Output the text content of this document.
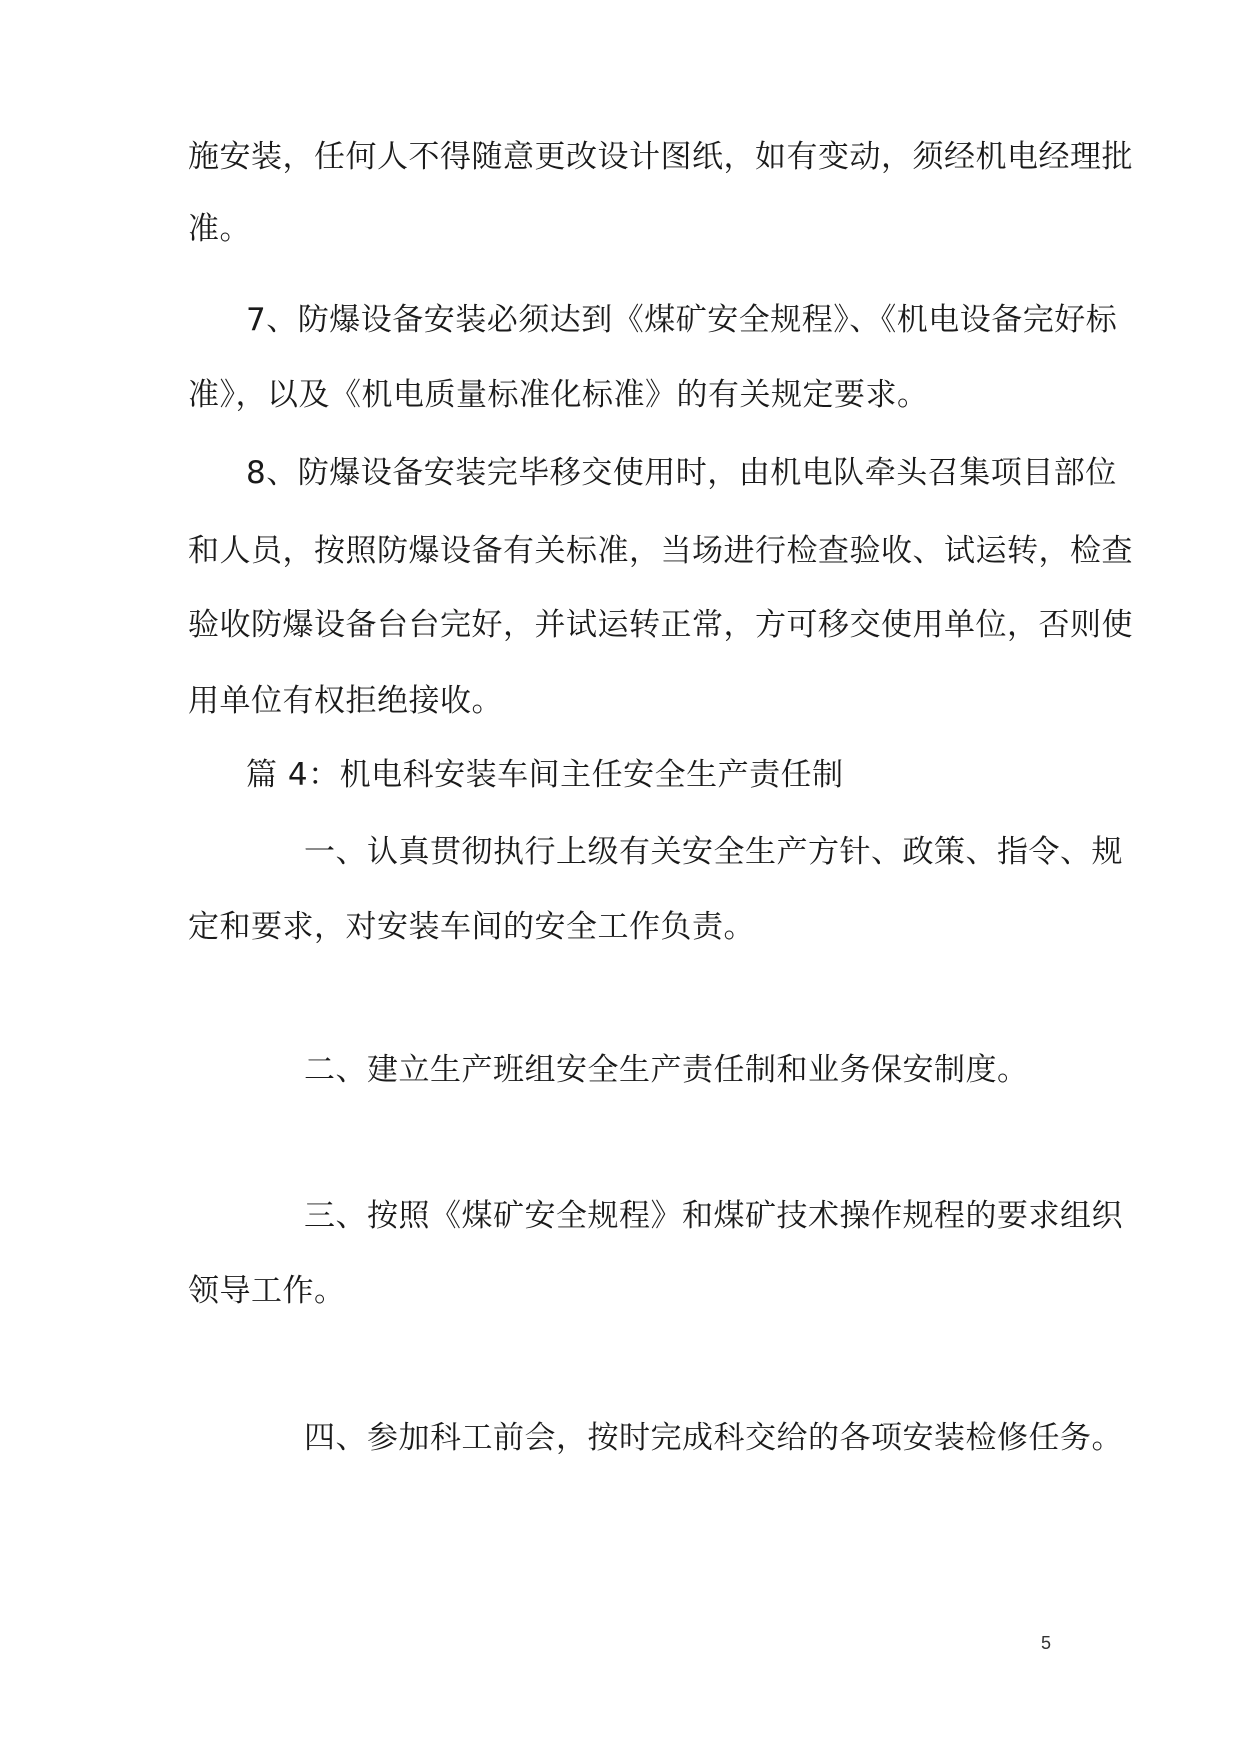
施安装，任何人不得随意更改设计图纸，如有变动，须经机电经理批
准。
7、防爆设备安装必须达到《煤矿安全规程》、《机电设备完好标
准》，以及《机电质量标准化标准》的有关规定要求。
8、防爆设备安装完毕移交使用时，由机电队牵头召集项目部位
和人员，按照防爆设备有关标准，当场进行检查验收、试运转，检查
验收防爆设备台台完好，并试运转正常，方可移交使用单位，否则使
用单位有权拒绝接收。
篇 4：机电科安装车间主任安全生产责任制
一、认真贯彻执行上级有关安全生产方针、政策、指令、规
定和要求，对安装车间的安全工作负责。
二、建立生产班组安全生产责任制和业务保安制度。
三、按照《煤矿安全规程》和煤矿技术操作规程的要求组织
领导工作。
四、参加科工前会，按时完成科交给的各项安装检修任务。
5
